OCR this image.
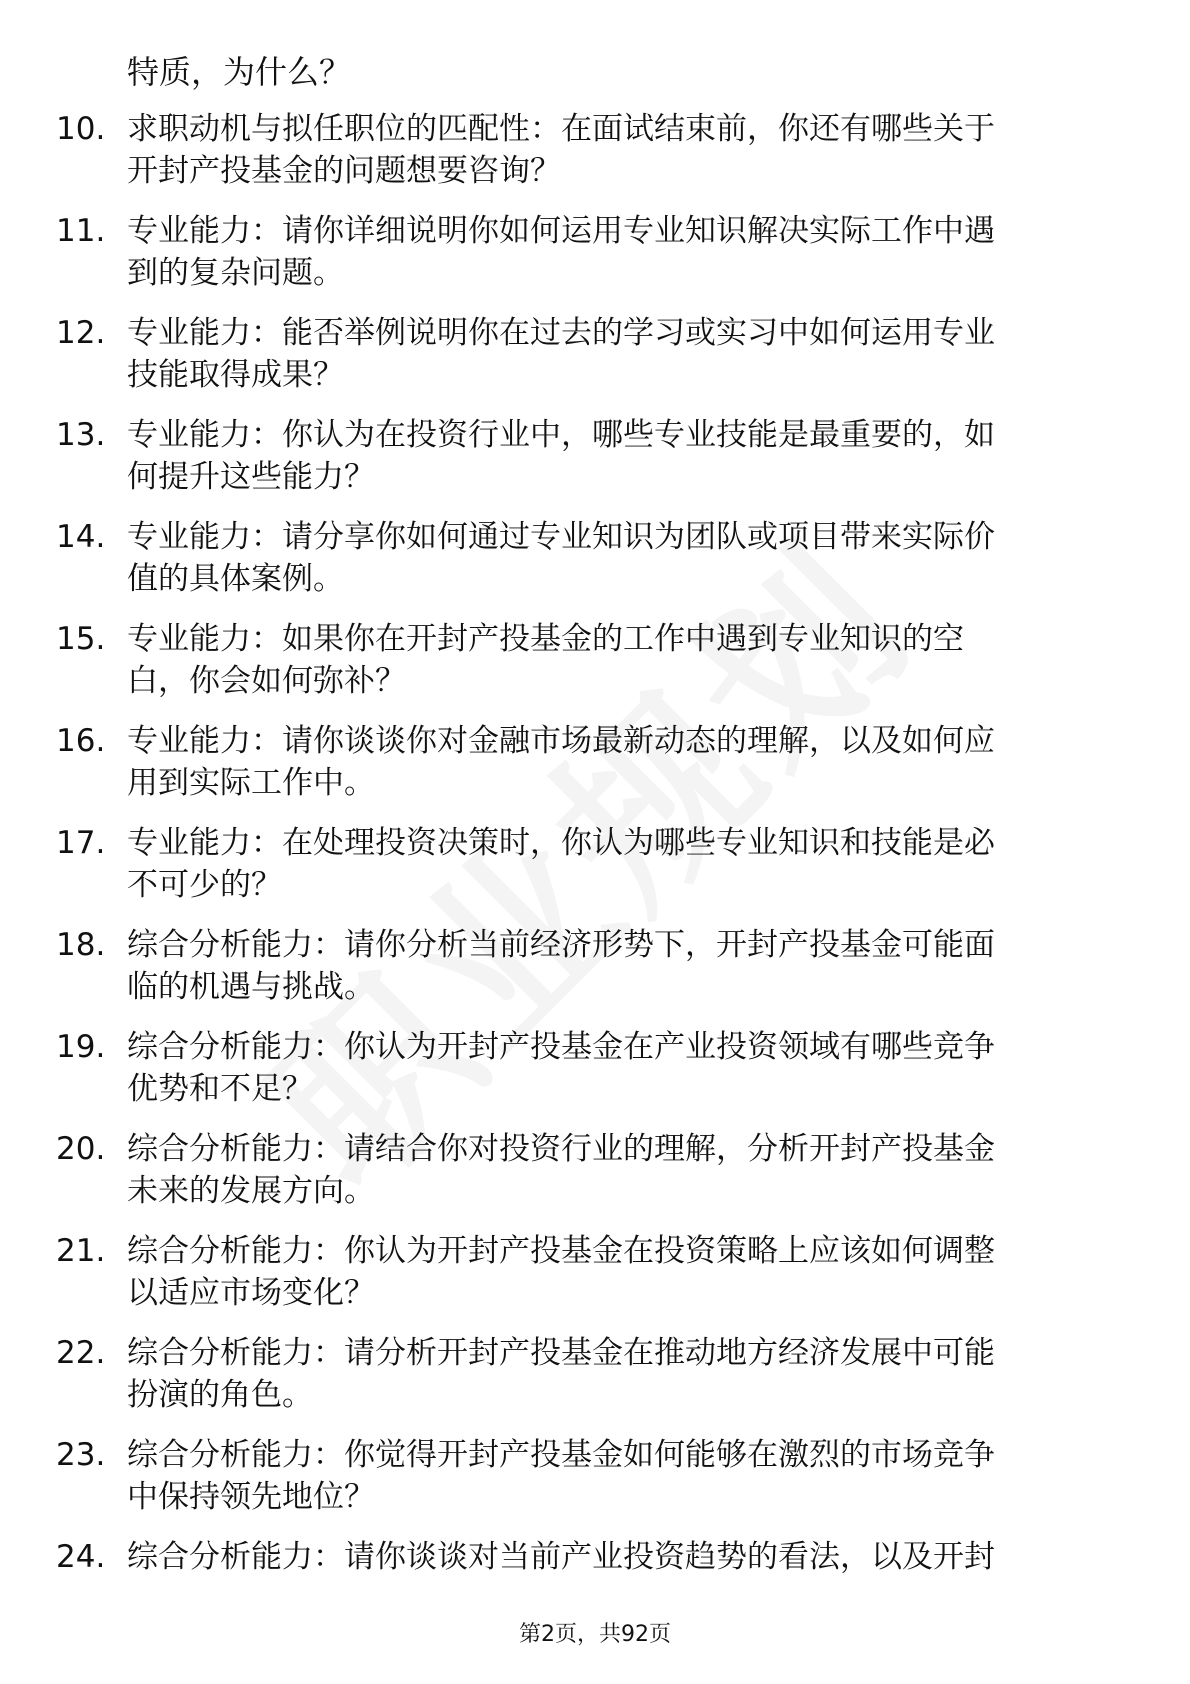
特质，为什么？
10. 求职动机与拟任职位的匹配性：在面试结束前，你还有哪些关于
开封产投基金的问题想要咨询？
11. 专业能力：请你详细说明你如何运用专业知识解决实际工作中遇
到的复杂问题。
12. 专业能力：能否举例说明你在过去的学习或实习中如何运用专业
技能取得成果？
13. 专业能力：你认为在投资行业中，哪些专业技能是最重要的，如
何提升这些能力？
14. 专业能力：请分享你如何通过专业知识为团队或项目带来实际价
值的具体案例。
15. 专业能力：如果你在开封产投基金的工作中遇到专业知识的空
白，你会如何弥补？
16. 专业能力：请你谈谈你对金融市场最新动态的理解，以及如何应
用到实际工作中。
17. 专业能力：在处理投资决策时，你认为哪些专业知识和技能是必
不可少的？
18. 综合分析能力：请你分析当前经济形势下，开封产投基金可能面
临的机遇与挑战。
19. 综合分析能力：你认为开封产投基金在产业投资领域有哪些竞争
优势和不足？
20. 综合分析能力：请结合你对投资行业的理解，分析开封产投基金
未来的发展方向。
21. 综合分析能力：你认为开封产投基金在投资策略上应该如何调整
以适应市场变化？
22. 综合分析能力：请分析开封产投基金在推动地方经济发展中可能
扮演的角色。
23. 综合分析能力：你觉得开封产投基金如何能够在激烈的市场竞争
中保持领先地位？
24. 综合分析能力：请你谈谈对当前产业投资趋势的看法，以及开封
第2页，共92页
